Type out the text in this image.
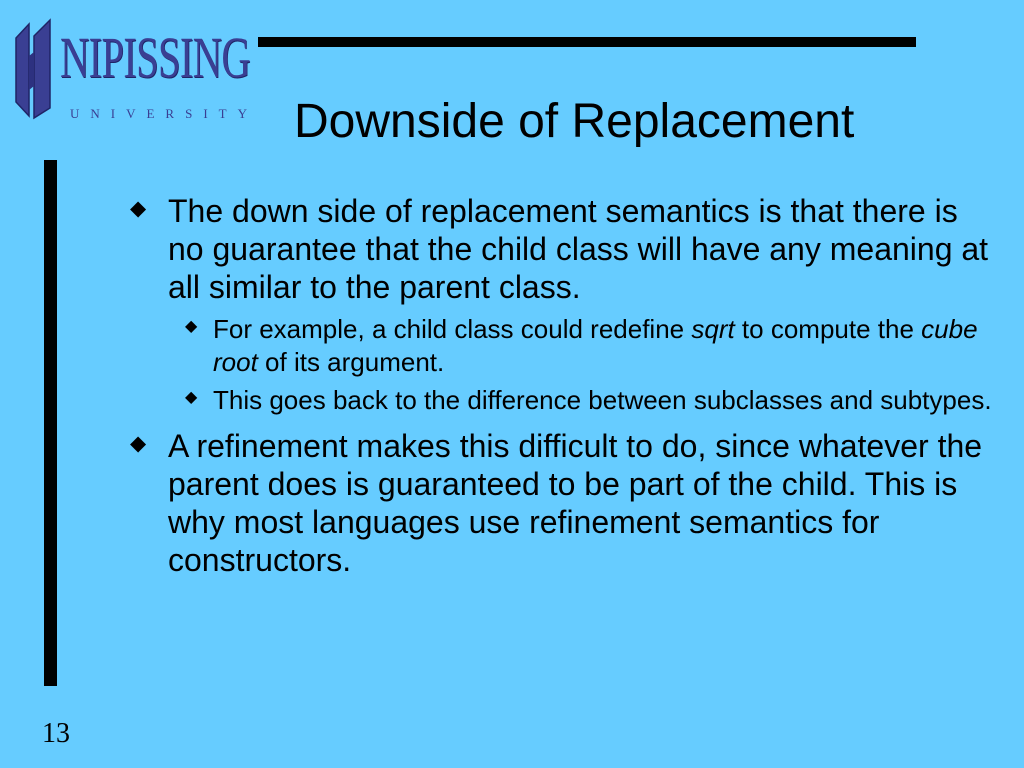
NIPISSING
UNIVERSITY Downside of Replacement
◆ The down side of replacement semantics is that there is no guarantee that the child class will have any meaning at all similar to the parent class.
◆ For example, a child class could redefine sqrt to compute the cube root of its argument.
◆ This goes back to the difference between subclasses and subtypes.
◆ A refinement makes this difficult to do, since whatever the parent does is guaranteed to be part of the child. This is why most languages use refinement semantics for constructors.
13
